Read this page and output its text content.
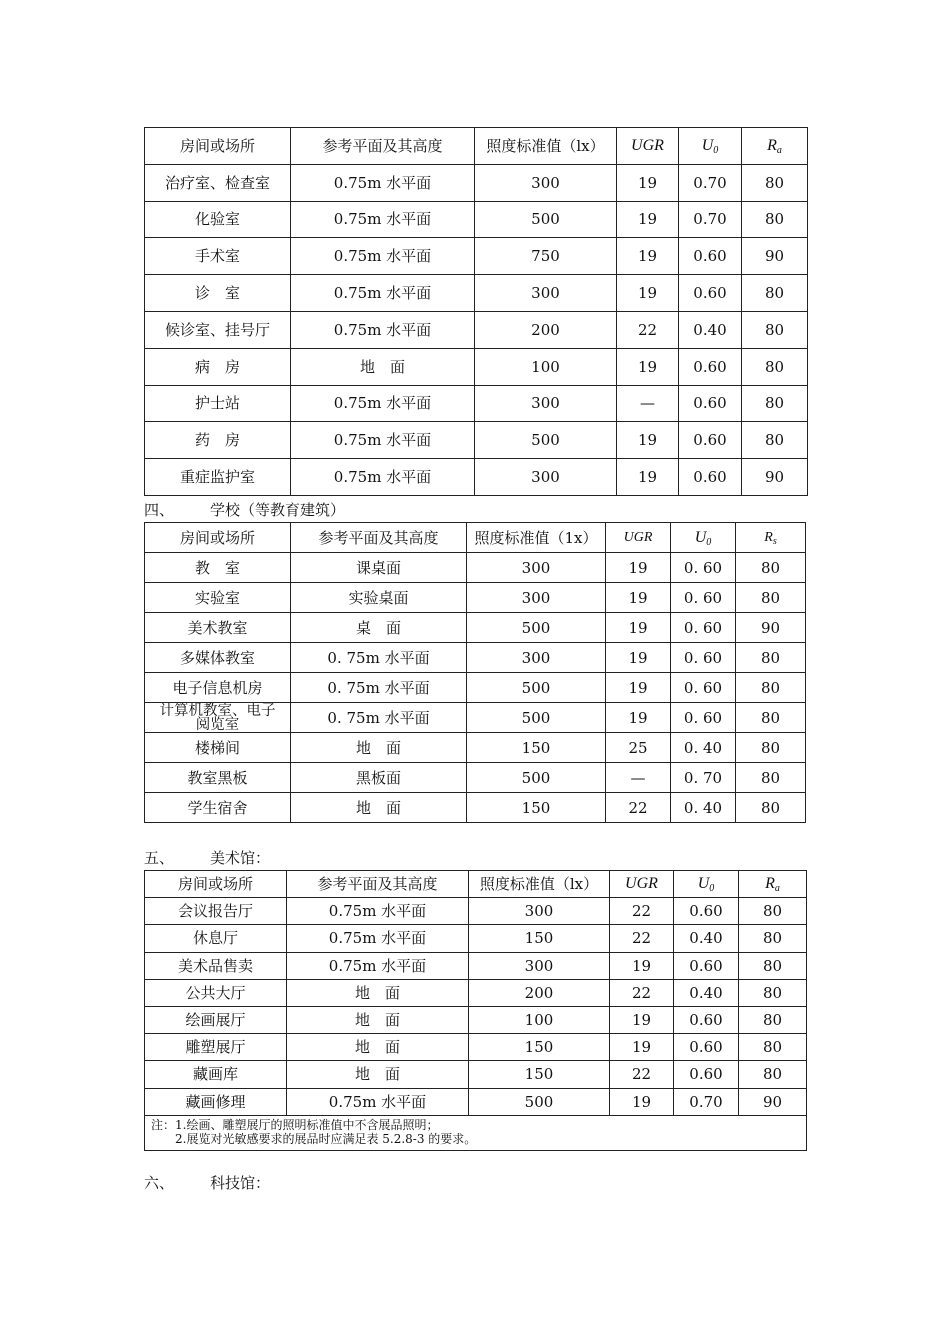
房间或场所	参考平面及其高度	照度标准值（lx）	UGR	$U_0$	$R_a$
治疗室、检查室	0.75m 水平面	300	19	0.70	80
化验室	0.75m 水平面	500	19	0.70	80
手术室	0.75m 水平面	750	19	0.60	90
诊　室	0.75m 水平面	300	19	0.60	80
候诊室、挂号厅	0.75m 水平面	200	22	0.40	80
病　房	地　面	100	19	0.60	80
护士站	0.75m 水平面	300	—	0.60	80
药　房	0.75m 水平面	500	19	0.60	80
重症监护室	0.75m 水平面	300	19	0.60	90
四、 学校（等教育建筑）
房间或场所	参考平面及其高度	照度标准值（1x）	UGR	$U_0$	$R_s$
教　室	课桌面	300	19	0. 60	80
实验室	实验桌面	300	19	0. 60	80
美术教室	桌　面	500	19	0. 60	90
多媒体教室	0. 75m 水平面	300	19	0. 60	80
电子信息机房	0. 75m 水平面	500	19	0. 60	80
计算机教室、电子阅览室	0. 75m 水平面	500	19	0. 60	80
楼梯间	地　面	150	25	0. 40	80
教室黑板	黑板面	500	—	0. 70	80
学生宿舍	地　面	150	22	0. 40	80
五、 美术馆：
房间或场所	参考平面及其高度	照度标准值（lx）	UGR	$U_0$	$R_a$
会议报告厅	0.75m 水平面	300	22	0.60	80
休息厅	0.75m 水平面	150	22	0.40	80
美术品售卖	0.75m 水平面	300	19	0.60	80
公共大厅	地　面	200	22	0.40	80
绘画展厅	地　面	100	19	0.60	80
雕塑展厅	地　面	150	19	0.60	80
藏画库	地　面	150	22	0.60	80
藏画修理	0.75m 水平面	500	19	0.70	90

注：1.绘画、雕塑展厅的照明标准值中不含展品照明；
　　2.展览对光敏感要求的展品时应满足表 5.2.8-3 的要求。					
六、 科技馆：
